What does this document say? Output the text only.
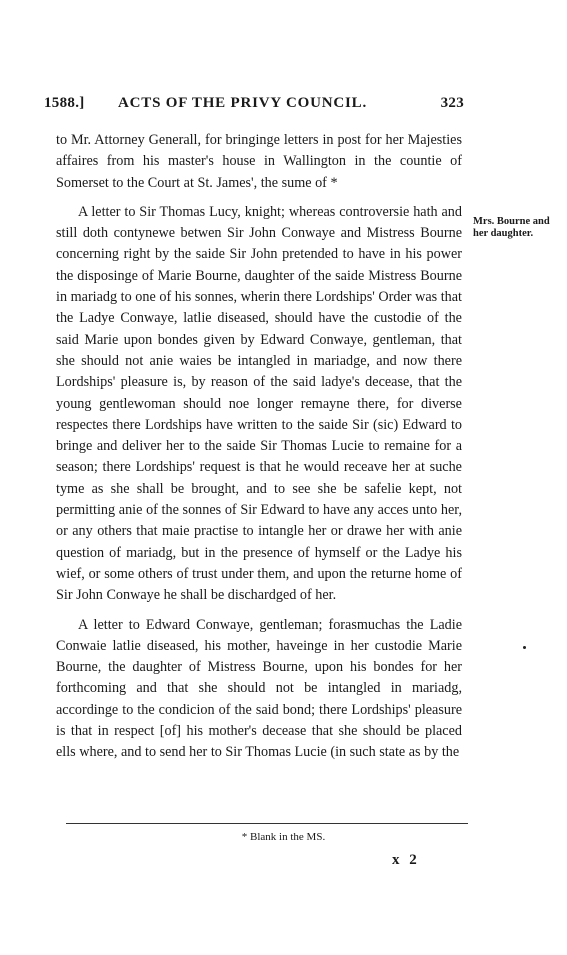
1588.] ACTS OF THE PRIVY COUNCIL.	323

to Mr. Attorney Generall, for bringinge letters in post for her Majesties affaires from his master's house in Wallington in the countie of Somerset to the Court at St. James', the sume of *

A letter to Sir Thomas Lucy, knight; whereas controversie hath and still doth contynewe betwen Sir John Conwaye and Mistress Bourne concerning right by the saide Sir John pretended to have in his power the disposinge of Marie Bourne, daughter of the saide Mistress Bourne in mariadg to one of his sonnes, wherin there Lordships' Order was that the Ladye Conwaye, latlie diseased, should have the custodie of the said Marie upon bondes given by Edward Conwaye, gentleman, that she should not anie waies be intangled in mariadge, and now there Lordships' pleasure is, by reason of the said ladye's decease, that the young gentlewoman should noe longer remayne there, for diverse respectes there Lordships have written to the saide Sir (sic) Edward to bringe and deliver her to the saide Sir Thomas Lucie to remaine for a season; there Lordships' request is that he would receave her at suche tyme as she shall be brought, and to see she be safelie kept, not permitting anie of the sonnes of Sir Edward to have any acces unto her, or any others that maie practise to intangle her or drawe her with anie question of mariadg, but in the presence of hymself or the Ladye his wief, or some others of trust under them, and upon the returne home of Sir John Conwaye he shall be dischardged of her.

A letter to Edward Conwaye, gentleman; forasmuchas the Ladie Conwaie latlie diseased, his mother, haveinge in her custodie Marie Bourne, the daughter of Mistress Bourne, upon his bondes for her forthcoming and that she should not be intangled in mariadg, accordinge to the condicion of the said bond; there Lordships' pleasure is that in respect [of] his mother's decease that she should be placed ells where, and to send her to Sir Thomas Lucie (in such state as by the

Mrs. Bourne and her daughter.
* Blank in the MS.
x 2
